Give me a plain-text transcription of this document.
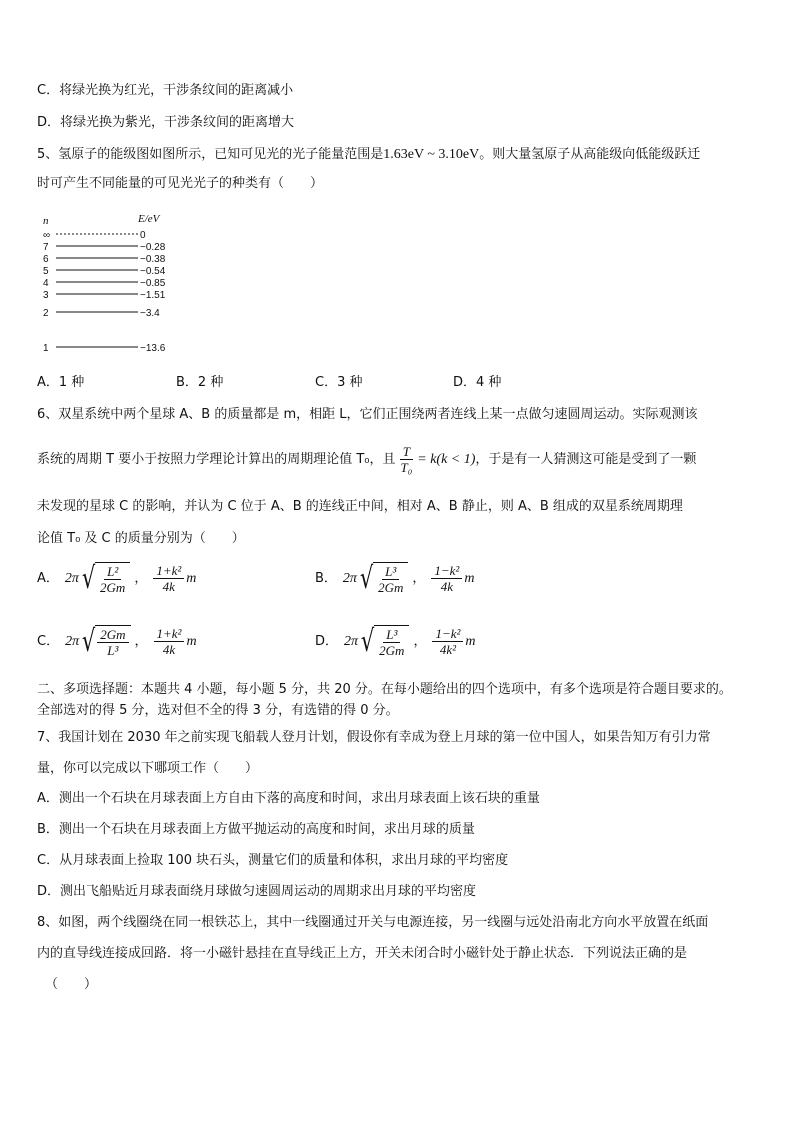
C．将绿光换为红光，干涉条纹间的距离减小
D．将绿光换为紫光，干涉条纹间的距离增大
5、氢原子的能级图如图所示，已知可见光的光子能量范围是1.63eV ~ 3.10eV。则大量氢原子从高能级向低能级跃迁
时可产生不同能量的可见光光子的种类有（　　）
n	E/eV
∞	0
7	−0.28
6	−0.38
5	−0.54
4	−0.85
3	−1.51
2	−3.4
1	−13.6
A．1 种	B．2 种	C．3 种	D．4 种
6、双星系统中两个星球 A、B 的质量都是 m，相距 L，它们正围绕两者连线上某一点做匀速圆周运动。实际观测该
系统的周期 T 要小于按照力学理论计算出的周期理论值 T₀，且 $\frac{T}{\text{T₀}} = k(k < 1)$ ，于是有一人猜测这可能是受到了一颗
未发现的星球 C 的影响，并认为 C 位于 A、B 的连线正中间，相对 A、B 静止，则 A、B 组成的双星系统周期理
论值 T₀ 及 C 的质量分别为（　　）
A． 2π √ $\frac{\text{L²}}{2Gm}$ ， $\frac{\text{1+k²}}{4k}$ m	B． 2π √ $\frac{\text{L³}}{2Gm}$ ， $\frac{\text{1−k²}}{4k}$ m
C． 2π √ $\frac{2Gm}{\text{L³}}$ ， $\frac{\text{1+k²}}{4k}$ m	D． 2π √ $\frac{\text{L³}}{2Gm}$ ， $\frac{\text{1−k²}}{\text{4k²}}$ m
二、多项选择题：本题共 4 小题，每小题 5 分，共 20 分。在每小题给出的四个选项中，有多个选项是符合题目要求的。
全部选对的得 5 分，选对但不全的得 3 分，有选错的得 0 分。
7、我国计划在 2030 年之前实现飞船载人登月计划，假设你有幸成为登上月球的第一位中国人，如果告知万有引力常
量，你可以完成以下哪项工作（　　）
A．测出一个石块在月球表面上方自由下落的高度和时间，求出月球表面上该石块的重量
B．测出一个石块在月球表面上方做平抛运动的高度和时间，求出月球的质量
C．从月球表面上捡取 100 块石头，测量它们的质量和体积，求出月球的平均密度
D．测出飞船贴近月球表面绕月球做匀速圆周运动的周期求出月球的平均密度
8、如图，两个线圈绕在同一根铁芯上，其中一线圈通过开关与电源连接，另一线圈与远处沿南北方向水平放置在纸面
内的直导线连接成回路．将一小磁针悬挂在直导线正上方，开关未闭合时小磁针处于静止状态．下列说法正确的是
（　　）
